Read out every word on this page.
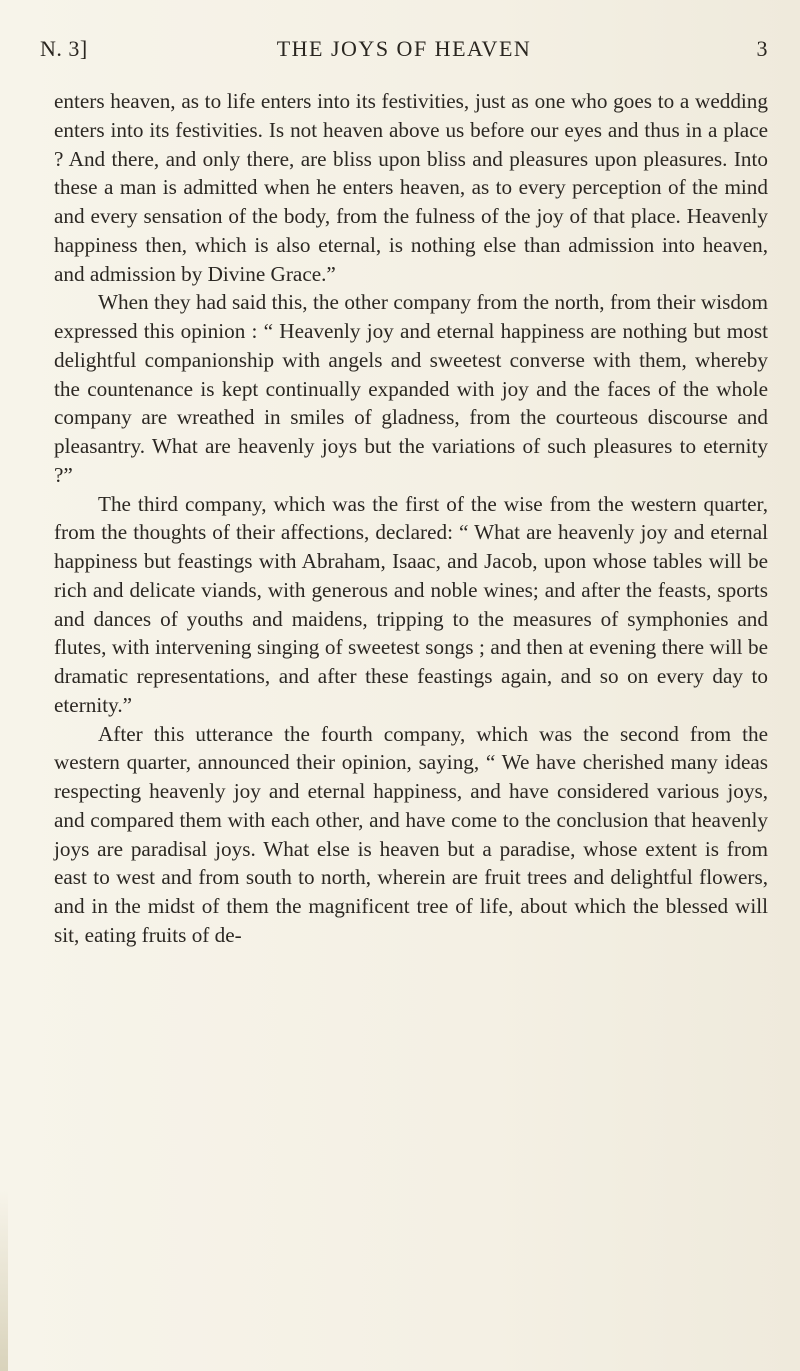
THE JOYS OF HEAVEN
N. 3]	3

enters heaven, as to life enters into its festivities, just as one who goes to a wedding enters into its festivities. Is not heaven above us before our eyes and thus in a place ? And there, and only there, are bliss upon bliss and pleasures upon pleasures. Into these a man is admitted when he enters heaven, as to every perception of the mind and every sensation of the body, from the fulness of the joy of that place. Heavenly happiness then, which is also eternal, is nothing else than admission into heaven, and admission by Divine Grace.”

When they had said this, the other company from the north, from their wisdom expressed this opinion : “ Heavenly joy and eternal happiness are nothing but most delightful companionship with angels and sweetest converse with them, whereby the countenance is kept continually expanded with joy and the faces of the whole company are wreathed in smiles of gladness, from the courteous discourse and pleasantry. What are heavenly joys but the variations of such pleasures to eternity ?”

The third company, which was the first of the wise from the western quarter, from the thoughts of their affections, declared: “ What are heavenly joy and eternal happiness but feastings with Abraham, Isaac, and Jacob, upon whose tables will be rich and delicate viands, with generous and noble wines; and after the feasts, sports and dances of youths and maidens, tripping to the measures of symphonies and flutes, with intervening singing of sweetest songs ; and then at evening there will be dramatic representations, and after these feastings again, and so on every day to eternity.”

After this utterance the fourth company, which was the second from the western quarter, announced their opinion, saying, “ We have cherished many ideas respecting heavenly joy and eternal happiness, and have considered various joys, and compared them with each other, and have come to the conclusion that heavenly joys are paradisal joys. What else is heaven but a paradise, whose extent is from east to west and from south to north, wherein are fruit trees and delightful flowers, and in the midst of them the magnificent tree of life, about which the blessed will sit, eating fruits of de-
